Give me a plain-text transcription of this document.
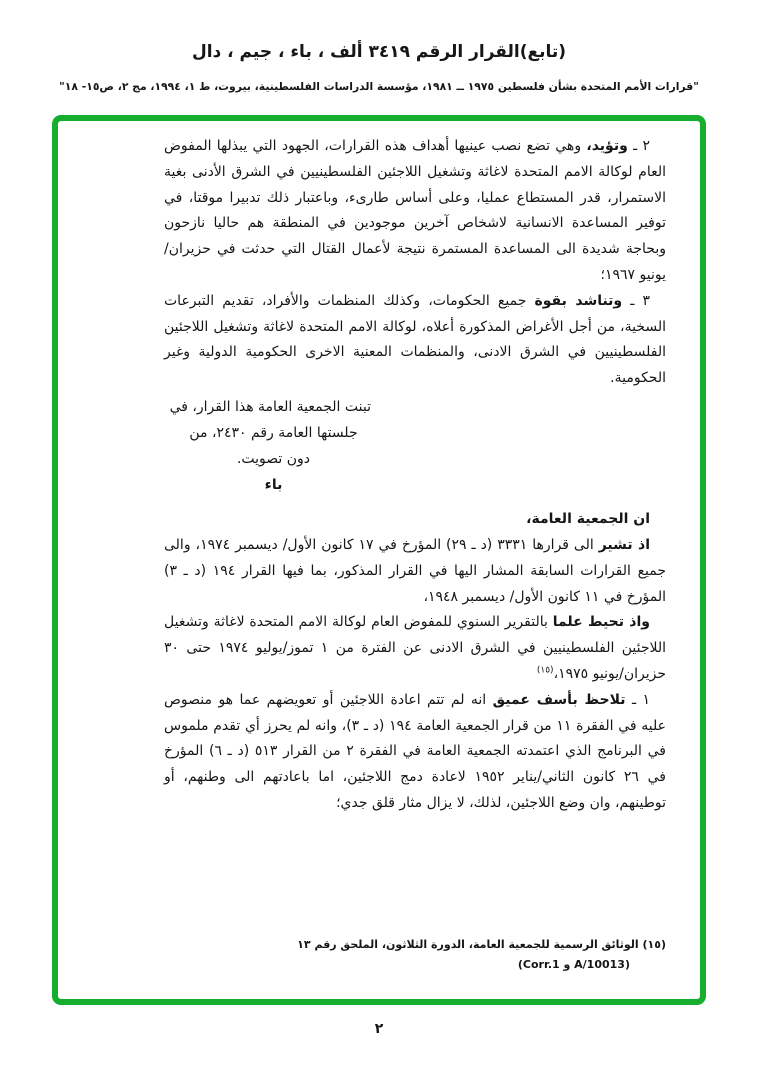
(تابع)القرار الرقم ٣٤١٩ ألف ، باء ، جيم ، دال
"قرارات الأمم المتحدة بشأن فلسطين ١٩٧٥ ــ ١٩٨١، مؤسسة الدراسات الفلسطينية، بيروت، ط ١، ١٩٩٤، مج ٢، ص١٥- ١٨"

٢ ـ وتؤيد، وهي تضع نصب عينيها أهداف هذه القرارات، الجهود التي يبذلها المفوض العام لوكالة الامم المتحدة لاغاثة وتشغيل اللاجئين الفلسطينيين في الشرق الأدنى بغية الاستمرار، قدر المستطاع عمليا، وعلى أساس طارىء، وباعتبار ذلك تدبيرا موقتا، في توفير المساعدة الانسانية لاشخاص آخرين موجودين في المنطقة هم حاليا نازحون وبحاجة شديدة الى المساعدة المستمرة نتيجة لأعمال القتال التي حدثت في حزيران/يونيو ١٩٦٧؛

٣ ـ وتناشد بقوة جميع الحكومات، وكذلك المنظمات والأفراد، تقديم التبرعات السخية، من أجل الأغراض المذكورة أعلاه، لوكالة الامم المتحدة لاغاثة وتشغيل اللاجئين الفلسطينيين في الشرق الادنى، والمنظمات المعنية الاخرى الحكومية الدولية وغير الحكومية.

تبنت الجمعية العامة هذا القرار، في
جلستها العامة رقم ٢٤٣٠، من
دون تصويت.
باء

ان الجمعية العامة،

اذ تشير الى قرارها ٣٣٣١ (د ـ ٢٩) المؤرخ في ١٧ كانون الأول/ ديسمبر ١٩٧٤، والى جميع القرارات السابقة المشار اليها في القرار المذكور، بما فيها القرار ١٩٤ (د ـ ٣) المؤرخ في ١١ كانون الأول/ ديسمبر ١٩٤٨،

واذ تحيط علما بالتقرير السنوي للمفوض العام لوكالة الامم المتحدة لاغاثة وتشغيل اللاجئين الفلسطينيين في الشرق الادنى عن الفترة من ١ تموز/يوليو ١٩٧٤ حتى ٣٠ حزيران/يونيو ١٩٧٥،$^{(١٥)}$

١ ـ تلاحظ بأسف عميق انه لم تتم اعادة اللاجئين أو تعويضهم عما هو منصوص عليه في الفقرة ١١ من قرار الجمعية العامة ١٩٤ (د ـ ٣)، وانه لم يحرز أي تقدم ملموس في البرنامج الذي اعتمدته الجمعية العامة في الفقرة ٢ من القرار ٥١٣ (د ـ ٦) المؤرخ في ٢٦ كانون الثاني/يناير ١٩٥٢ لاعادة دمج اللاجئين، اما باعادتهم الى وطنهم، أو توطينهم، وان وضع اللاجئين، لذلك، لا يزال مثار قلق جدي؛

(١٥) الوثائق الرسمية للجمعية العامة، الدورة الثلاثون، الملحق رقم ١٣
(A/10013 و Corr.1)
٢
